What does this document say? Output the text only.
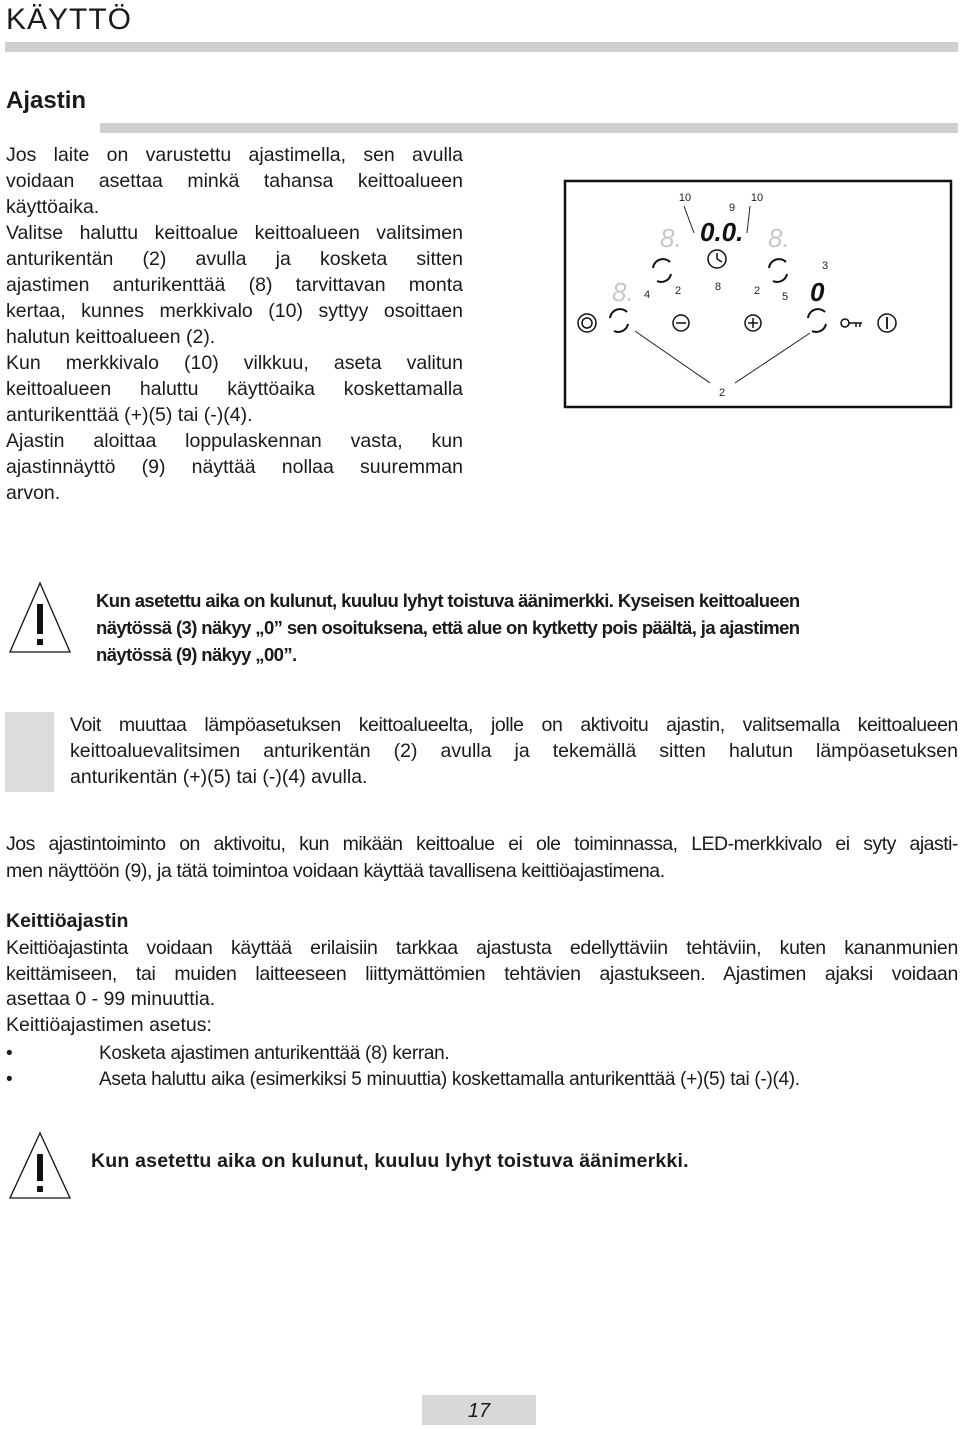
KÄYTTÖ
Ajastin
Jos laite on varustettu ajastimella, sen avulla
voidaan asettaa minkä tahansa keittoalueen
käyttöaika.
Valitse haluttu keittoalue keittoalueen valitsimen
anturikentän (2) avulla ja kosketa sitten
ajastimen anturikenttää (8) tarvittavan monta
kertaa, kunnes merkkivalo (10) syttyy osoittaen
halutun keittoalueen (2).
Kun merkkivalo (10) vilkkuu, aseta valitun
keittoalueen haluttu käyttöaika koskettamalla
anturikenttää (+)(5) tai (-)(4).
Ajastin aloittaa loppulaskennan vasta, kun
ajastinnäyttö (9) näyttää nollaa suuremman
arvon.
10
9
10
8. 0.0. 8.
8.	0
3
4 2	8	2 5
2
Kun asetettu aika on kulunut, kuuluu lyhyt toistuva äänimerkki. Kyseisen keittoalueen
näytössä (3) näkyy „0” sen osoituksena, että alue on kytketty pois päältä, ja ajastimen
näytössä (9) näkyy „00”.
Voit muuttaa lämpöasetuksen keittoalueelta, jolle on aktivoitu ajastin, valitsemalla keittoalueen
keittoaluevalitsimen anturikentän (2) avulla ja tekemällä sitten halutun lämpöasetuksen
anturikentän (+)(5) tai (-)(4) avulla.
Jos ajastintoiminto on aktivoitu, kun mikään keittoalue ei ole toiminnassa, LED-merkkivalo ei syty ajasti-
men näyttöön (9), ja tätä toimintoa voidaan käyttää tavallisena keittiöajastimena.
Keittiöajastin
Keittiöajastinta voidaan käyttää erilaisiin tarkkaa ajastusta edellyttäviin tehtäviin, kuten kananmunien
keittämiseen, tai muiden laitteeseen liittymättömien tehtävien ajastukseen. Ajastimen ajaksi voidaan
asettaa 0 - 99 minuuttia.
Keittiöajastimen asetus:
•	Kosketa ajastimen anturikenttää (8) kerran.
•	Aseta haluttu aika (esimerkiksi 5 minuuttia) koskettamalla anturikenttää (+)(5) tai (-)(4).
Kun asetettu aika on kulunut, kuuluu lyhyt toistuva äänimerkki.
17
